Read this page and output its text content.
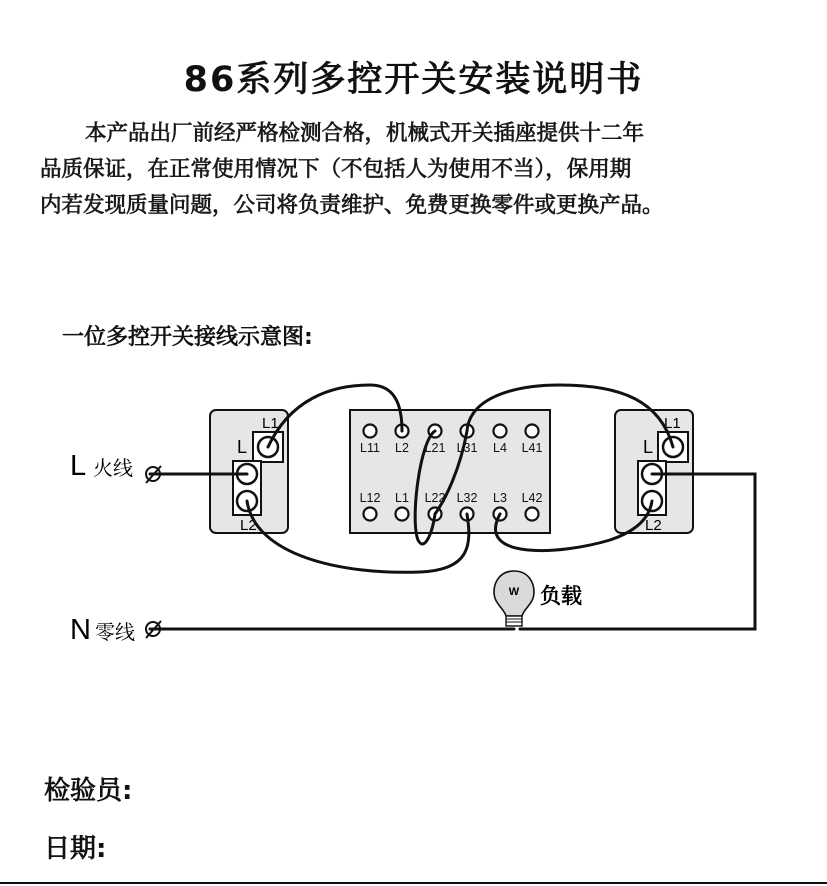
86系列多控开关安装说明书

本产品出厂前经严格检测合格，机械式开关插座提供十二年

品质保证，在正常使用情况下（不包括人为使用不当），保用期

内若发现质量问题，公司将负责维护、免费更换零件或更换产品。

一位多控开关接线示意图:
L1
L
L2
L1
L
L2
L11 L2 L21 L31 L4 L41
L12 L1 L22 L32 L3 L42
L 火线
N 零线
W 负载
检验员:
日期:
